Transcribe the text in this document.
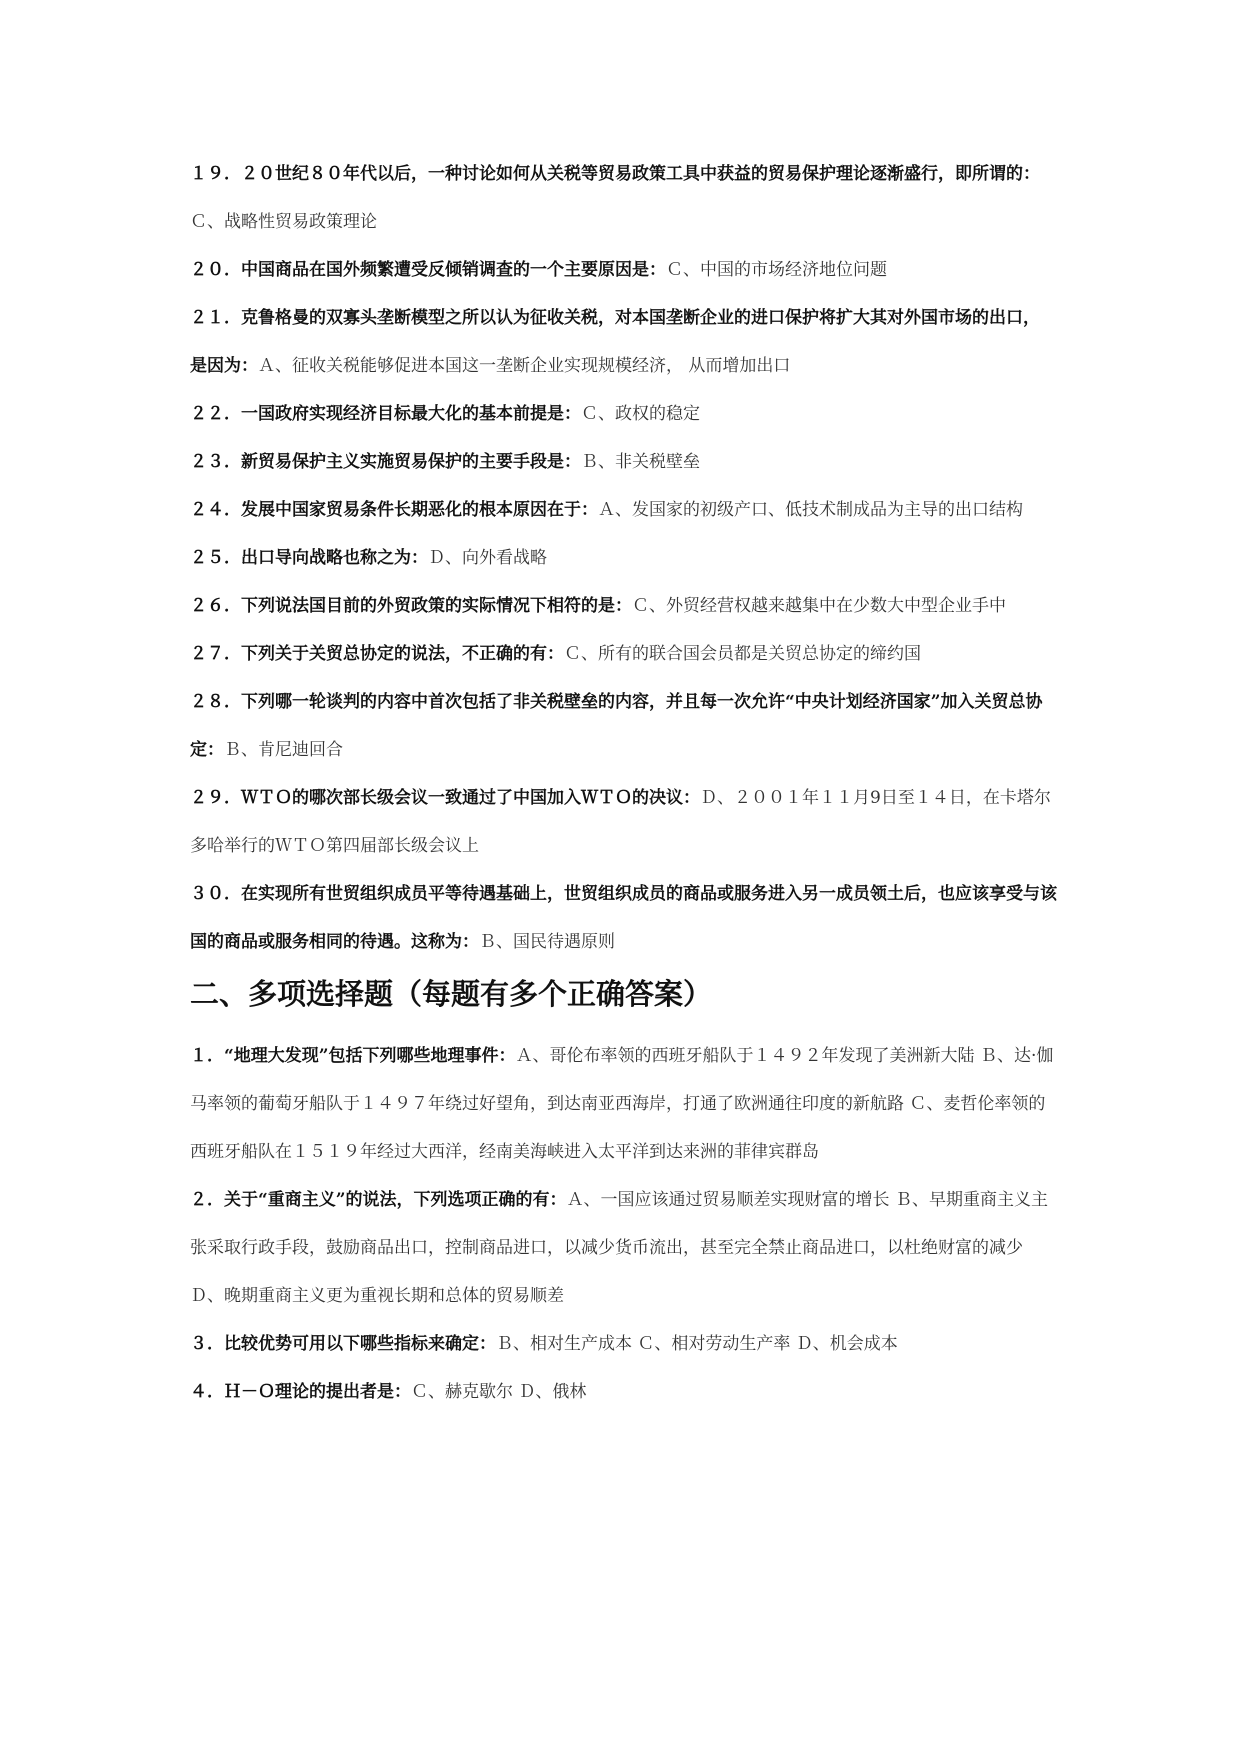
１９．２０世纪８０年代以后，一种讨论如何从关税等贸易政策工具中获益的贸易保护理论逐渐盛行，即所谓的：Ｃ、战略性贸易政策理论

２０．中国商品在国外频繁遭受反倾销调查的一个主要原因是：Ｃ、中国的市场经济地位问题

２１．克鲁格曼的双寡头垄断模型之所以认为征收关税，对本国垄断企业的进口保护将扩大其对外国市场的出口， 是因为：Ａ、征收关税能够促进本国这一垄断企业实现规模经济， 从而增加出口

２２．一国政府实现经济目标最大化的基本前提是：Ｃ、政权的稳定

２３．新贸易保护主义实施贸易保护的主要手段是：Ｂ、非关税壁垒

２４．发展中国家贸易条件长期恶化的根本原因在于：Ａ、发国家的初级产口、低技术制成品为主导的出口结构

２５．出口导向战略也称之为：Ｄ、向外看战略

２６．下列说法国目前的外贸政策的实际情况下相符的是：Ｃ、外贸经营权越来越集中在少数大中型企业手中

２７．下列关于关贸总协定的说法，不正确的有：Ｃ、所有的联合国会员都是关贸总协定的缔约国

２８．下列哪一轮谈判的内容中首次包括了非关税壁垒的内容，并且每一次允许“中央计划经济国家”加入关贸总协定：Ｂ、肯尼迪回合

２９．ＷＴＯ的哪次部长级会议一致通过了中国加入ＷＴＯ的决议：Ｄ、２００１年１１月9日至１４日，在卡塔尔多哈举行的ＷＴＯ第四届部长级会议上

３０．在实现所有世贸组织成员平等待遇基础上，世贸组织成员的商品或服务进入另一成员领土后，也应该享受与该国的商品或服务相同的待遇。这称为：Ｂ、国民待遇原则

二、多项选择题（每题有多个正确答案）

１．“地理大发现”包括下列哪些地理事件：Ａ、哥伦布率领的西班牙船队于１４９２年发现了美洲新大陆 Ｂ、达·伽马率领的葡萄牙船队于１４９７年绕过好望角，到达南亚西海岸，打通了欧洲通往印度的新航路 Ｃ、麦哲伦率领的西班牙船队在１５１９年经过大西洋，经南美海峡进入太平洋到达来洲的菲律宾群岛

２．关于“重商主义”的说法，下列选项正确的有：Ａ、一国应该通过贸易顺差实现财富的增长 Ｂ、早期重商主义主张采取行政手段，鼓励商品出口，控制商品进口，以减少货币流出，甚至完全禁止商品进口，以杜绝财富的减少 Ｄ、晚期重商主义更为重视长期和总体的贸易顺差

３．比较优势可用以下哪些指标来确定：Ｂ、相对生产成本 Ｃ、相对劳动生产率 Ｄ、机会成本

４．Ｈ－Ｏ理论的提出者是：Ｃ、赫克歇尔 Ｄ、俄林
